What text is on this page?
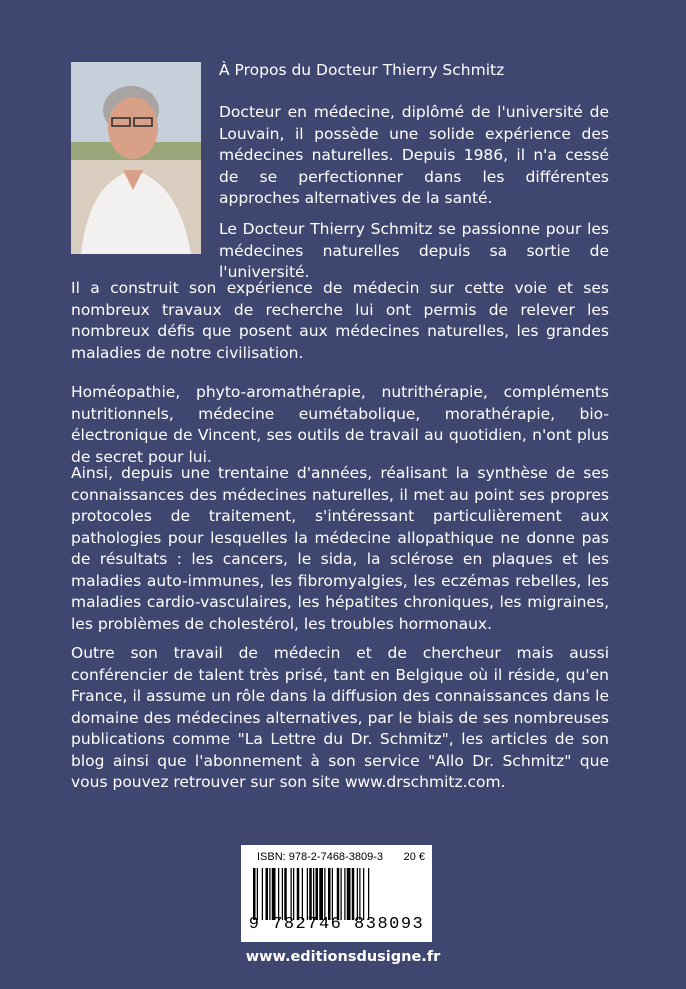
À Propos du Docteur Thierry Schmitz
Docteur en médecine, diplômé de l'université de Louvain, il possède une solide expérience des médecines naturelles. Depuis 1986, il n'a cessé de se perfectionner dans les différentes approches alternatives de la santé.
Le Docteur Thierry Schmitz se passionne pour les médecines naturelles depuis sa sortie de l'université.
Il a construit son expérience de médecin sur cette voie et ses nombreux travaux de recherche lui ont permis de relever les nombreux défis que posent aux médecines naturelles, les grandes maladies de notre civilisation.
Homéopathie, phyto-aromathérapie, nutrithérapie, compléments nutritionnels, médecine eumétabolique, morathérapie, bio-électronique de Vincent, ses outils de travail au quotidien, n'ont plus de secret pour lui.
Ainsi, depuis une trentaine d'années, réalisant la synthèse de ses connaissances des médecines naturelles, il met au point ses propres protocoles de traitement, s'intéressant particulièrement aux pathologies pour lesquelles la médecine allopathique ne donne pas de résultats : les cancers, le sida, la sclérose en plaques et les maladies auto-immunes, les fibromyalgies, les eczémas rebelles, les maladies cardio-vasculaires, les hépatites chroniques, les migraines, les problèmes de cholestérol, les troubles hormonaux.
Outre son travail de médecin et de chercheur mais aussi conférencier de talent très prisé, tant en Belgique où il réside, qu'en France, il assume un rôle dans la diffusion des connaissances dans le domaine des médecines alternatives, par le biais de ses nombreuses publications comme "La Lettre du Dr. Schmitz", les articles de son blog ainsi que l'abonnement à son service "Allo Dr. Schmitz" que vous pouvez retrouver sur son site www.drschmitz.com.
ISBN: 978-2-7468-3809-3 20 €
9 782746 838093
www.editionsdusigne.fr
